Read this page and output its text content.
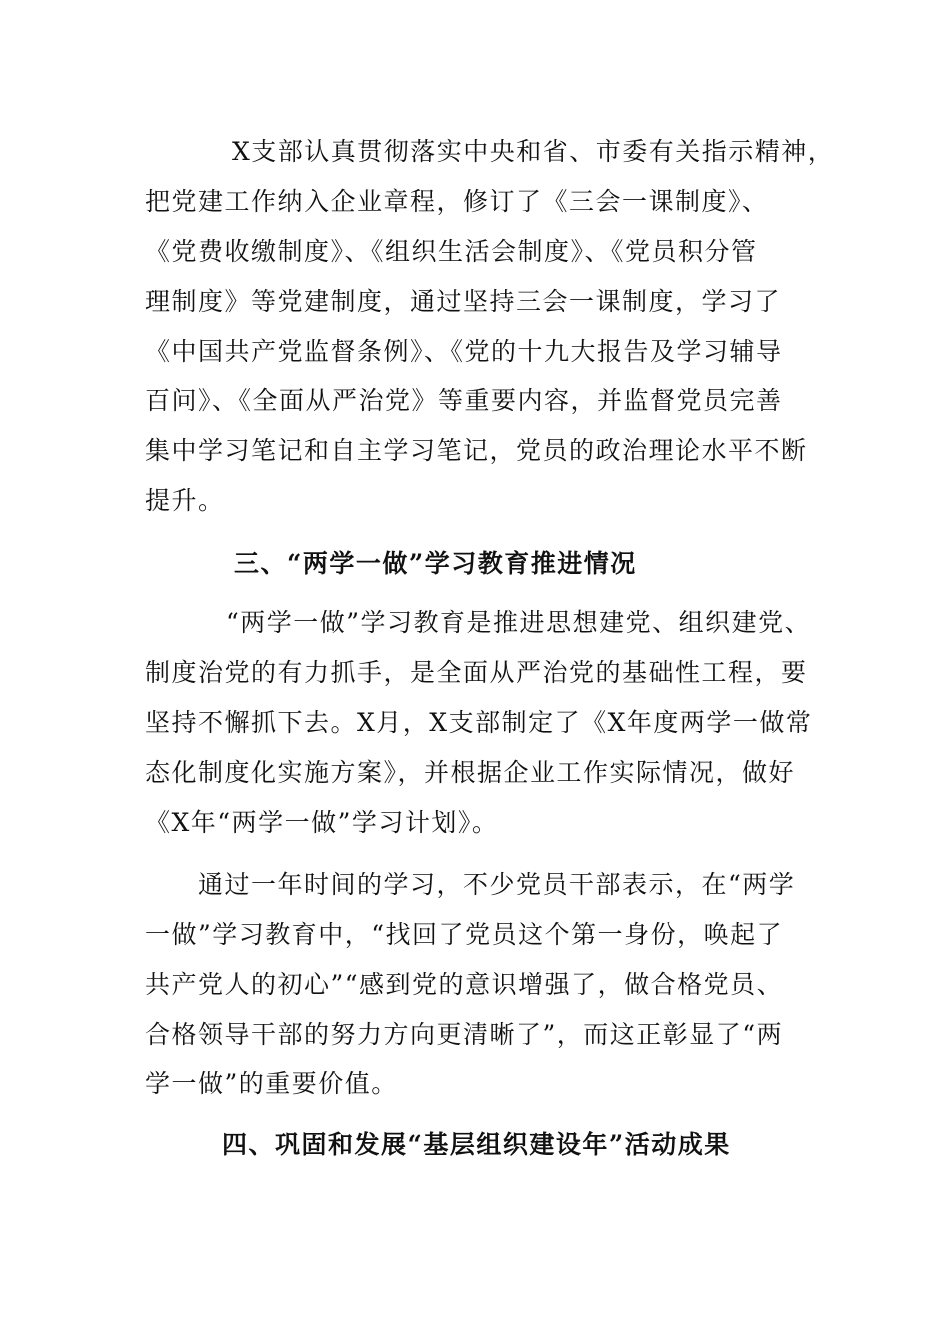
X支部认真贯彻落实中央和省、市委有关指示精神，
把党建工作纳入企业章程，修订了《三会一课制度》、
《党费收缴制度》、《组织生活会制度》、《党员积分管
理制度》等党建制度，通过坚持三会一课制度，学习了
《中国共产党监督条例》、《党的十九大报告及学习辅导
百问》、《全面从严治党》等重要内容，并监督党员完善
集中学习笔记和自主学习笔记，党员的政治理论水平不断
提升。
三、“两学一做”学习教育推进情况
“两学一做”学习教育是推进思想建党、组织建党、
制度治党的有力抓手，是全面从严治党的基础性工程，要
坚持不懈抓下去。X月，X支部制定了《X年度两学一做常
态化制度化实施方案》，并根据企业工作实际情况，做好
《X年“两学一做”学习计划》。
通过一年时间的学习，不少党员干部表示，在“两学
一做”学习教育中，“找回了党员这个第一身份，唤起了
共产党人的初心”“感到党的意识增强了，做合格党员、
合格领导干部的努力方向更清晰了”，而这正彰显了“两
学一做”的重要价值。
四、巩固和发展“基层组织建设年”活动成果
